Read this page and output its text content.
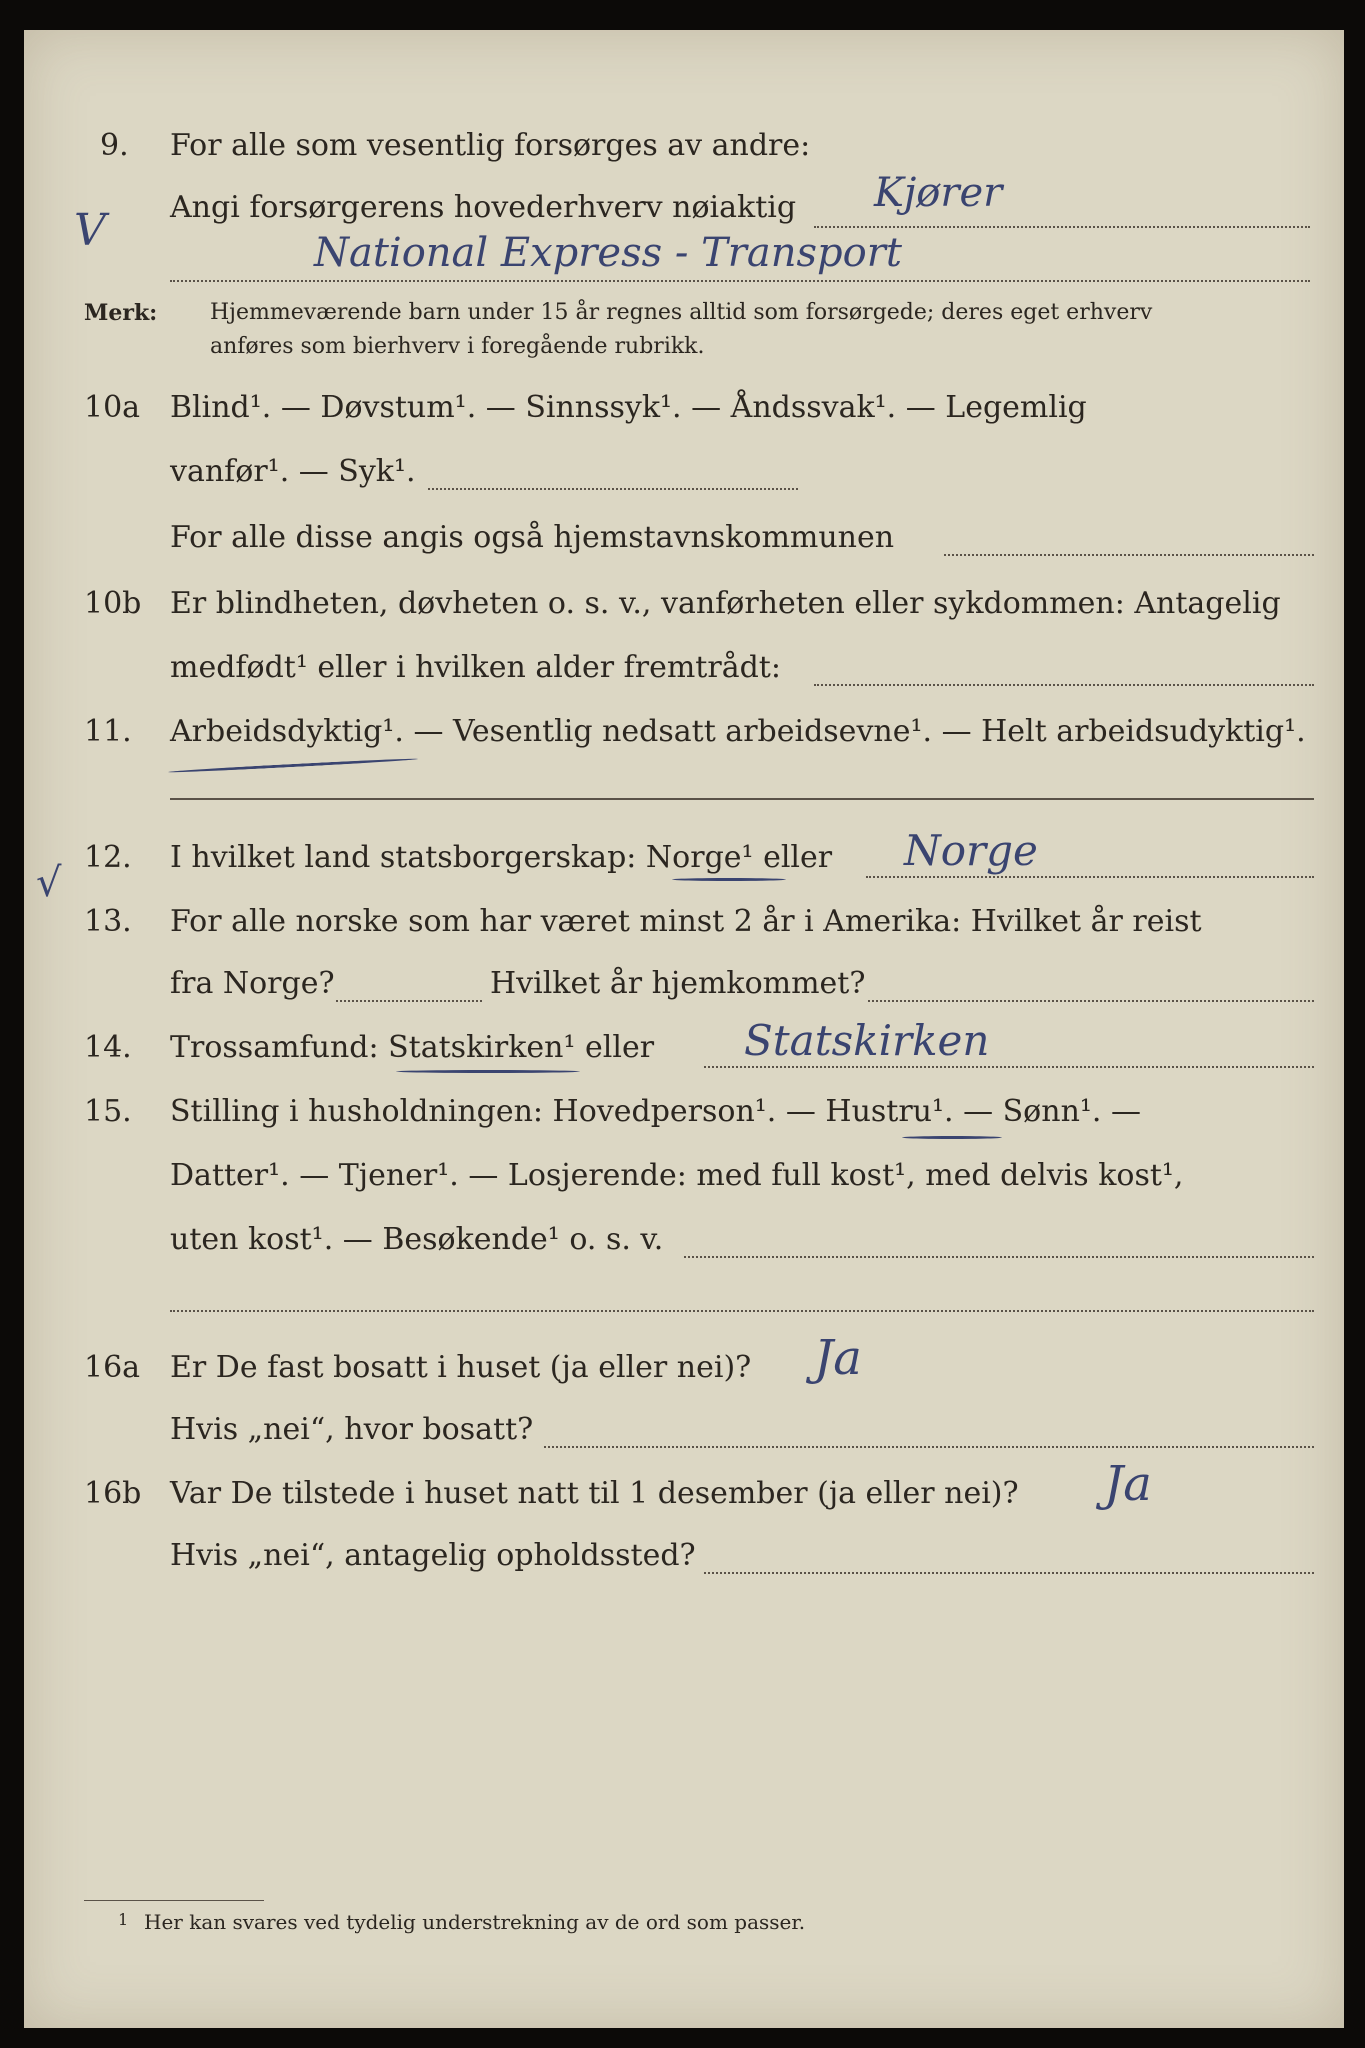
V
√
9. For alle som vesentlig forsørges av andre:
Angi forsørgerens hovederhverv nøiaktig Kjører
National Express - Transport
Merk: Hjemmeværende barn under 15 år regnes alltid som forsørgede; deres eget erhverv
anføres som bierhverv i foregående rubrikk.
10a Blind¹. — Døvstum¹. — Sinnssyk¹. — Åndssvak¹. — Legemlig
vanfør¹. — Syk¹.
For alle disse angis også hjemstavnskommunen
10b Er blindheten, døvheten o. s. v., vanførheten eller sykdommen: Antagelig
medfødt¹ eller i hvilken alder fremtrådt:
11. Arbeidsdyktig¹. — Vesentlig nedsatt arbeidsevne¹. — Helt arbeidsudyktig¹.
12. I hvilket land statsborgerskap: Norge¹ eller Norge
13. For alle norske som har været minst 2 år i Amerika: Hvilket år reist
fra Norge?	Hvilket år hjemkommet?
14. Trossamfund: Statskirken¹ eller Statskirken
15. Stilling i husholdningen: Hovedperson¹. — Hustru¹. — Sønn¹. —
Datter¹. — Tjener¹. — Losjerende: med full kost¹, med delvis kost¹,
uten kost¹. — Besøkende¹ o. s. v.
16a Er De fast bosatt i huset (ja eller nei)? Ja
Hvis „nei“, hvor bosatt?
16b Var De tilstede i huset natt til 1 desember (ja eller nei)? Ja
Hvis „nei“, antagelig opholdssted?
1 Her kan svares ved tydelig understrekning av de ord som passer.
